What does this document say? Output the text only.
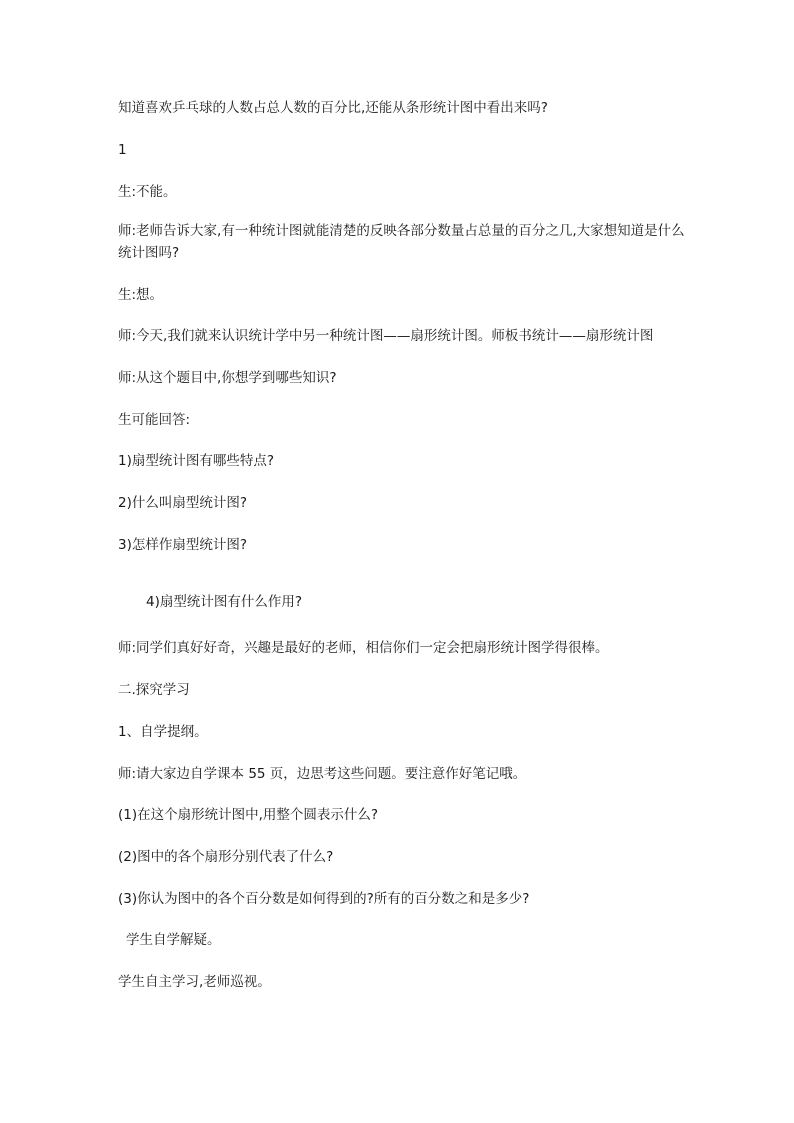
知道喜欢乒乓球的人数占总人数的百分比,还能从条形统计图中看出来吗?
1
生:不能。
师:老师告诉大家,有一种统计图就能清楚的反映各部分数量占总量的百分之几,大家想知道是什么统计图吗?
生:想。
师:今天,我们就来认识统计学中另一种统计图——扇形统计图。师板书统计——扇形统计图
师:从这个题目中,你想学到哪些知识?
生可能回答:
1)扇型统计图有哪些特点?
2)什么叫扇型统计图?
3)怎样作扇型统计图?
4)扇型统计图有什么作用?
师:同学们真好好奇，兴趣是最好的老师，相信你们一定会把扇形统计图学得很棒。
二.探究学习
1、自学提纲。
师:请大家边自学课本 55 页，边思考这些问题。要注意作好笔记哦。
(1)在这个扇形统计图中,用整个圆表示什么?
(2)图中的各个扇形分别代表了什么?
(3)你认为图中的各个百分数是如何得到的?所有的百分数之和是多少?
学生自学解疑。
学生自主学习,老师巡视。
